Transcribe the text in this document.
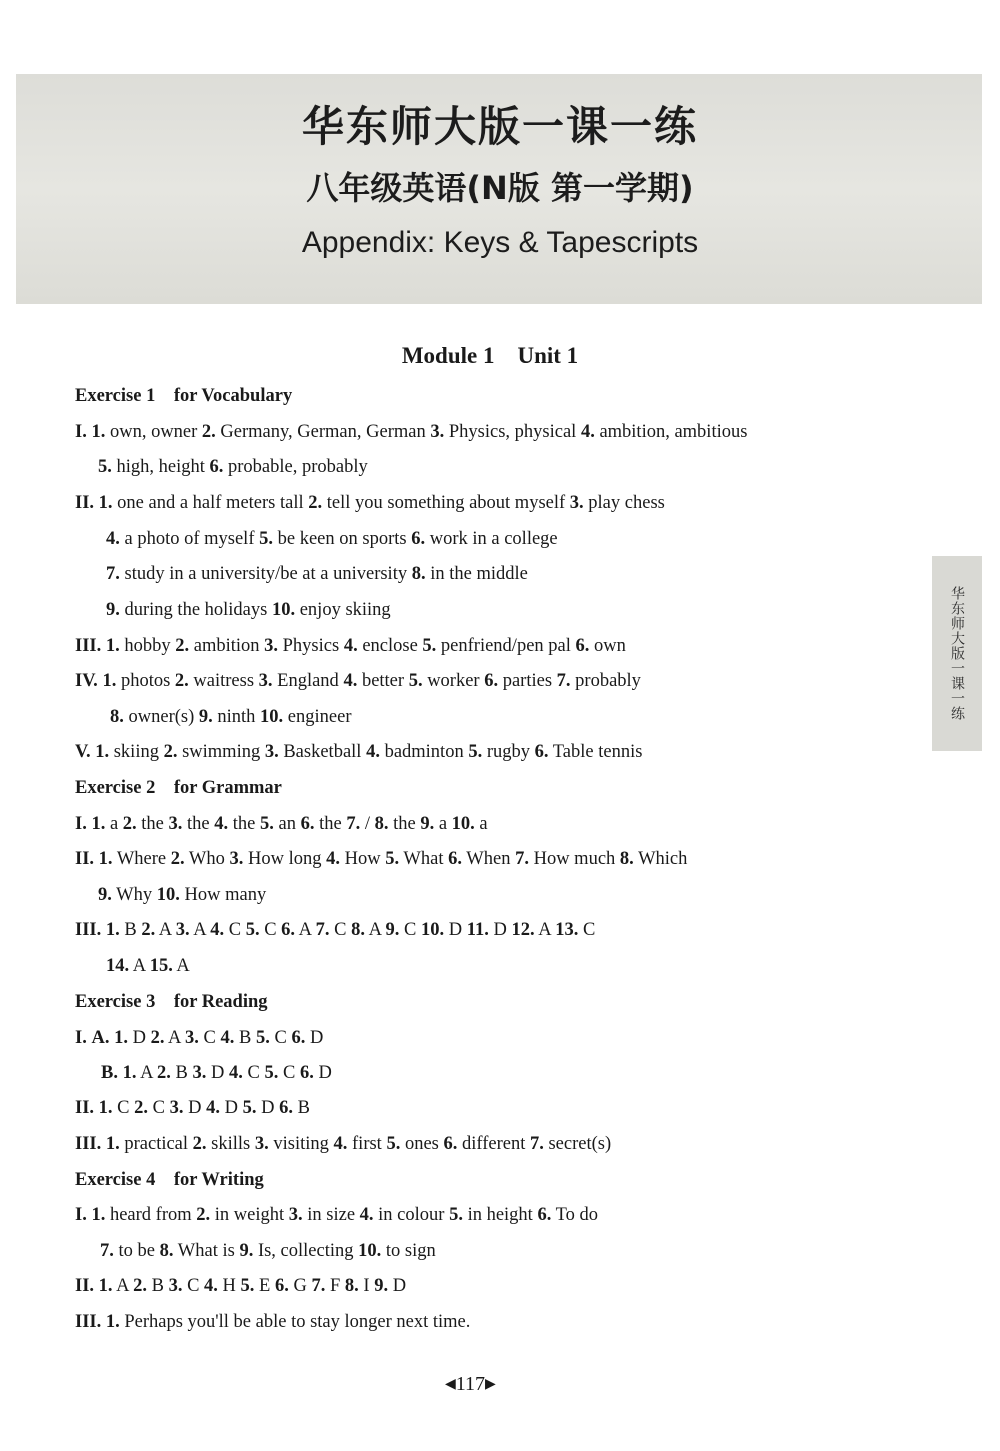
华东师大版一课一练
八年级英语(N版 第一学期)
Appendix: Keys & Tapescripts
Module 1    Unit 1
Exercise 1    for Vocabulary
I. 1. own, owner 2. Germany, German, German 3. Physics, physical 4. ambition, ambitious
5. high, height 6. probable, probably
II. 1. one and a half meters tall 2. tell you something about myself 3. play chess
4. a photo of myself 5. be keen on sports 6. work in a college
7. study in a university/be at a university 8. in the middle
9. during the holidays 10. enjoy skiing
III. 1. hobby 2. ambition 3. Physics 4. enclose 5. penfriend/pen pal 6. own
IV. 1. photos 2. waitress 3. England 4. better 5. worker 6. parties 7. probably
8. owner(s) 9. ninth 10. engineer
V. 1. skiing 2. swimming 3. Basketball 4. badminton 5. rugby 6. Table tennis
Exercise 2    for Grammar
I. 1. a 2. the 3. the 4. the 5. an 6. the 7. / 8. the 9. a 10. a
II. 1. Where 2. Who 3. How long 4. How 5. What 6. When 7. How much 8. Which
9. Why 10. How many
III. 1. B 2. A 3. A 4. C 5. C 6. A 7. C 8. A 9. C 10. D 11. D 12. A 13. C
14. A 15. A
Exercise 3    for Reading
I. A. 1. D 2. A 3. C 4. B 5. C 6. D
B. 1. A 2. B 3. D 4. C 5. C 6. D
II. 1. C 2. C 3. D 4. D 5. D 6. B
III. 1. practical 2. skills 3. visiting 4. first 5. ones 6. different 7. secret(s)
Exercise 4    for Writing
I. 1. heard from 2. in weight 3. in size 4. in colour 5. in height 6. To do
7. to be 8. What is 9. Is, collecting 10. to sign
II. 1. A 2. B 3. C 4. H 5. E 6. G 7. F 8. I 9. D
III. 1. Perhaps you'll be able to stay longer next time.
华东师大版一课一练
◀117▶
